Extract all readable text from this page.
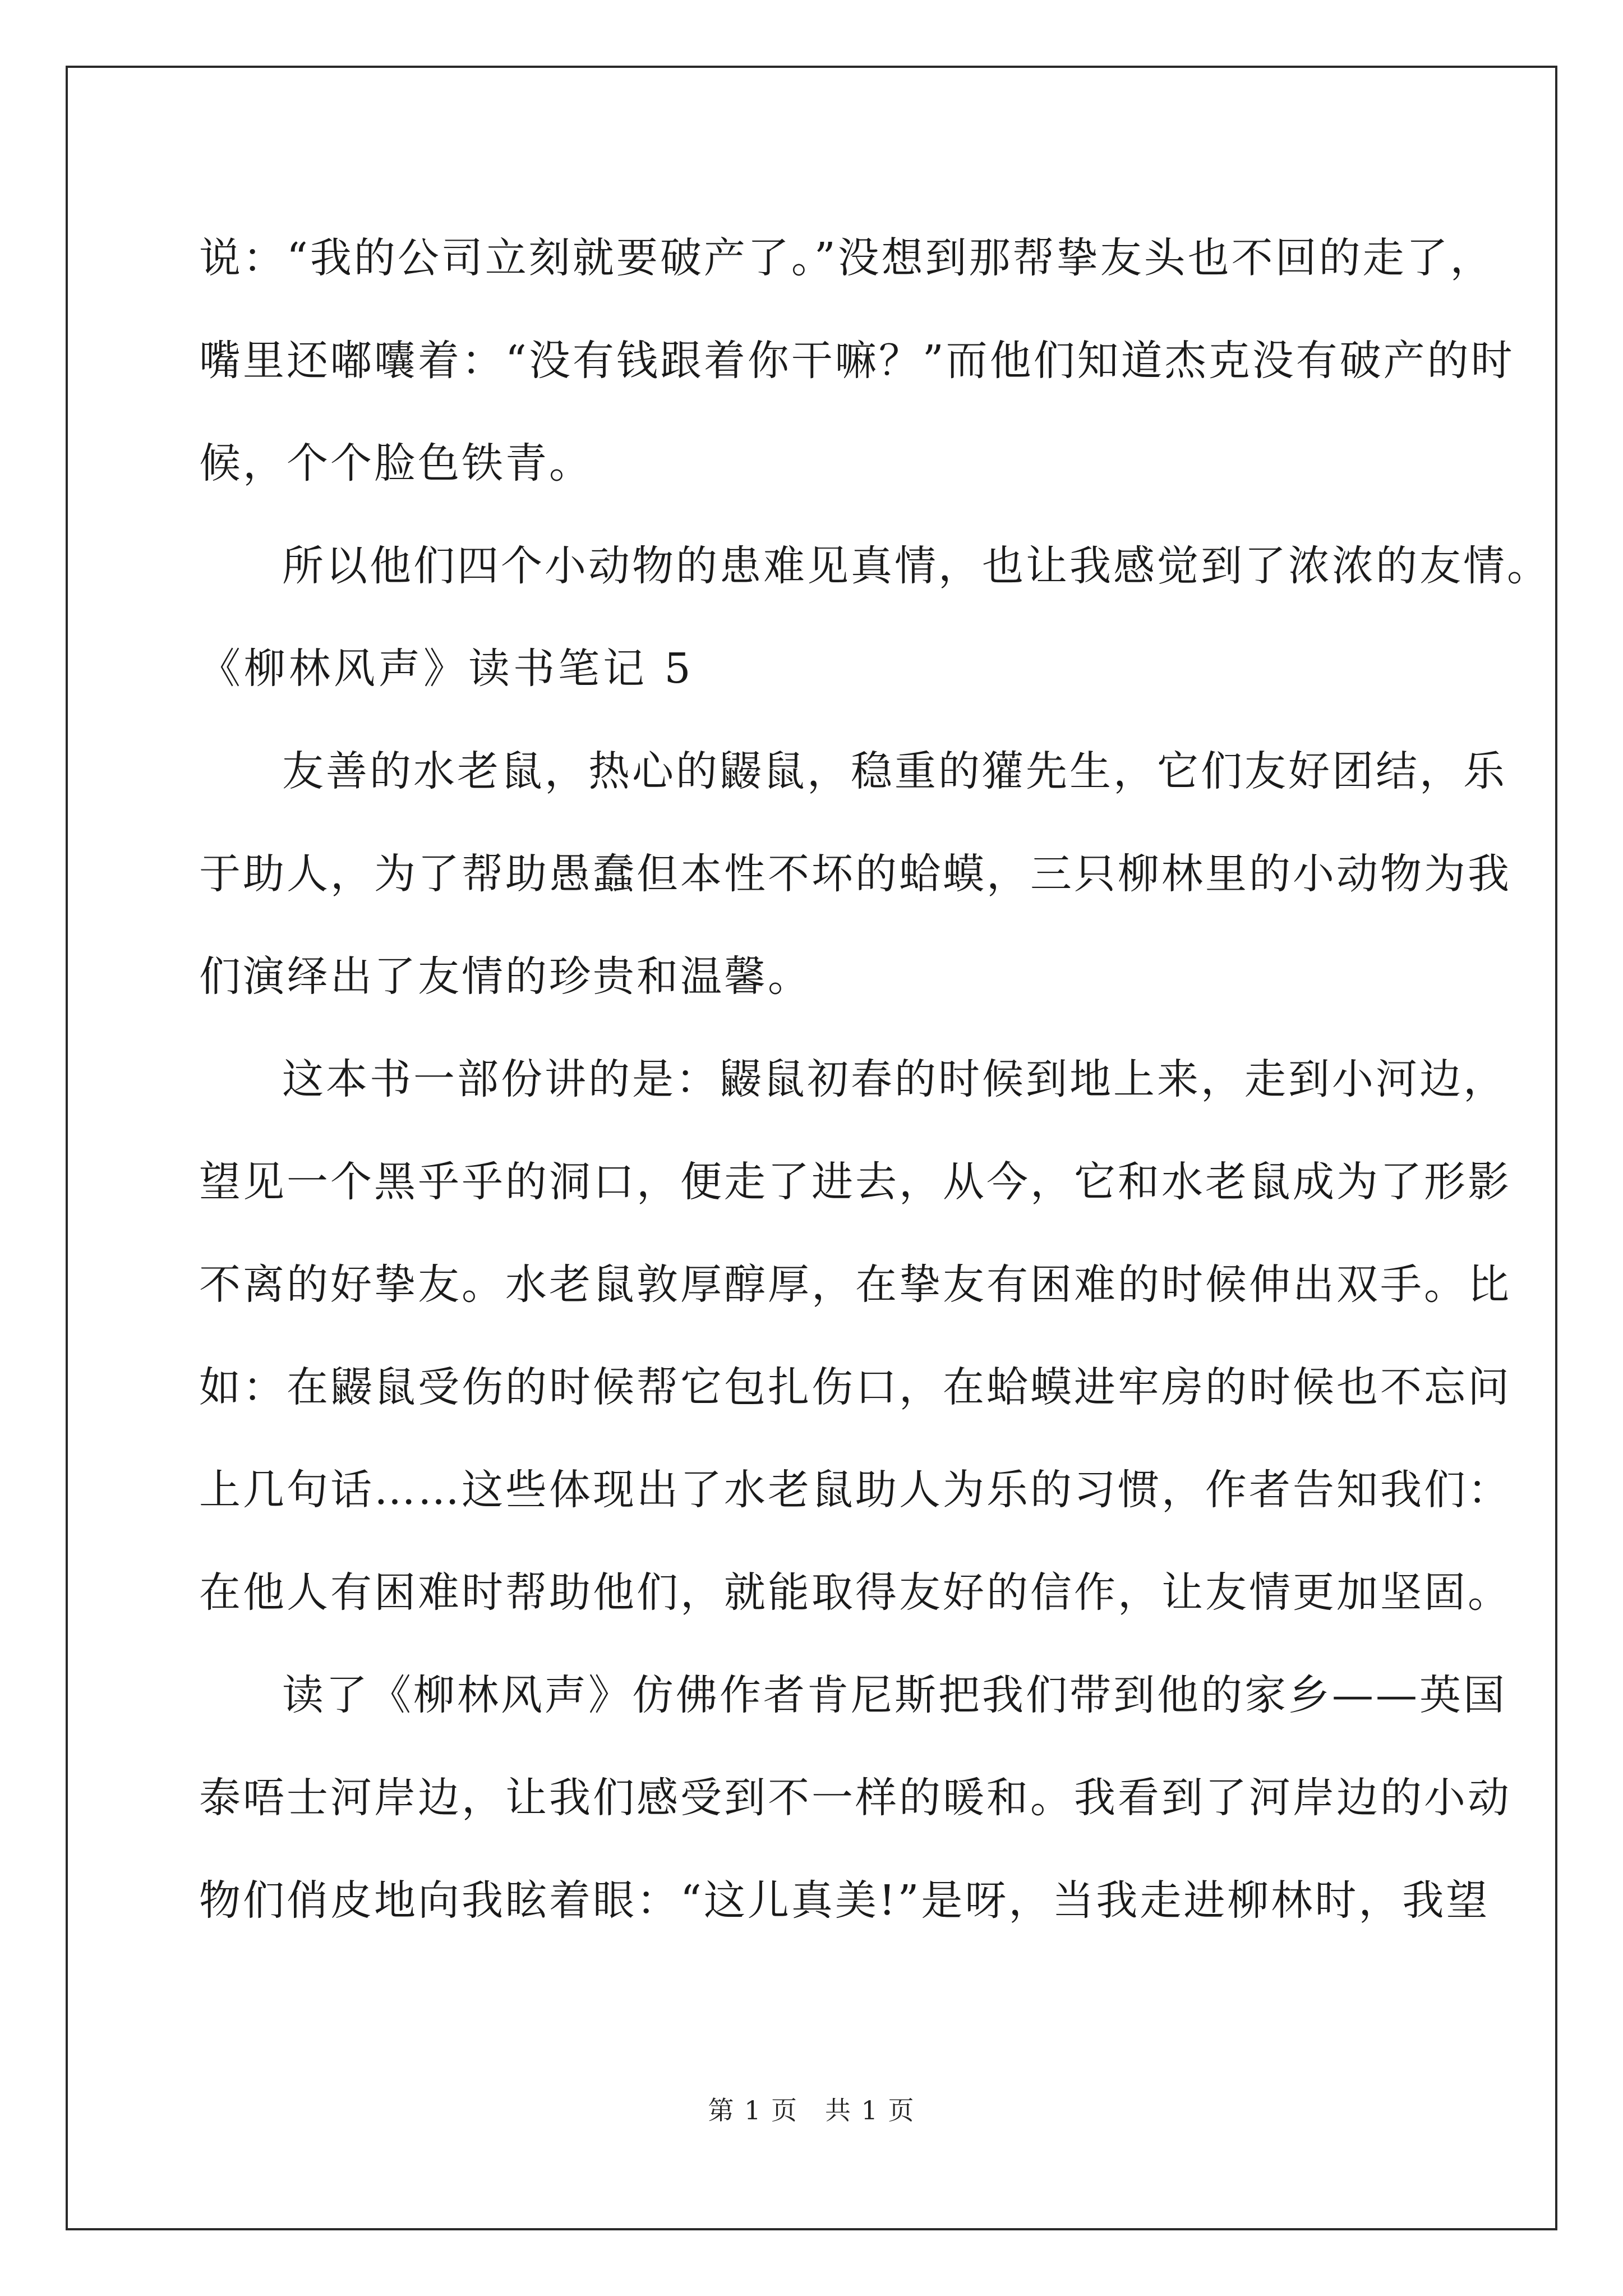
说：“我的公司立刻就要破产了。”没想到那帮挚友头也不回的走了，
嘴里还嘟囔着：“没有钱跟着你干嘛？”而他们知道杰克没有破产的时
候，个个脸色铁青。
所以他们四个小动物的患难见真情，也让我感觉到了浓浓的友情。
《柳林风声》读书笔记 5
友善的水老鼠，热心的鼹鼠，稳重的獾先生，它们友好团结，乐
于助人，为了帮助愚蠢但本性不坏的蛤蟆，三只柳林里的小动物为我
们演绎出了友情的珍贵和温馨。
这本书一部份讲的是：鼹鼠初春的时候到地上来，走到小河边，
望见一个黑乎乎的洞口，便走了进去，从今，它和水老鼠成为了形影
不离的好挚友。水老鼠敦厚醇厚，在挚友有困难的时候伸出双手。比
如：在鼹鼠受伤的时候帮它包扎伤口，在蛤蟆进牢房的时候也不忘问
上几句话……这些体现出了水老鼠助人为乐的习惯，作者告知我们：
在他人有困难时帮助他们，就能取得友好的信作，让友情更加坚固。
读了《柳林风声》仿佛作者肯尼斯把我们带到他的家乡——英国
泰唔士河岸边，让我们感受到不一样的暖和。我看到了河岸边的小动
物们俏皮地向我眩着眼：“这儿真美!”是呀，当我走进柳林时，我望
第 1 页　共 1 页
